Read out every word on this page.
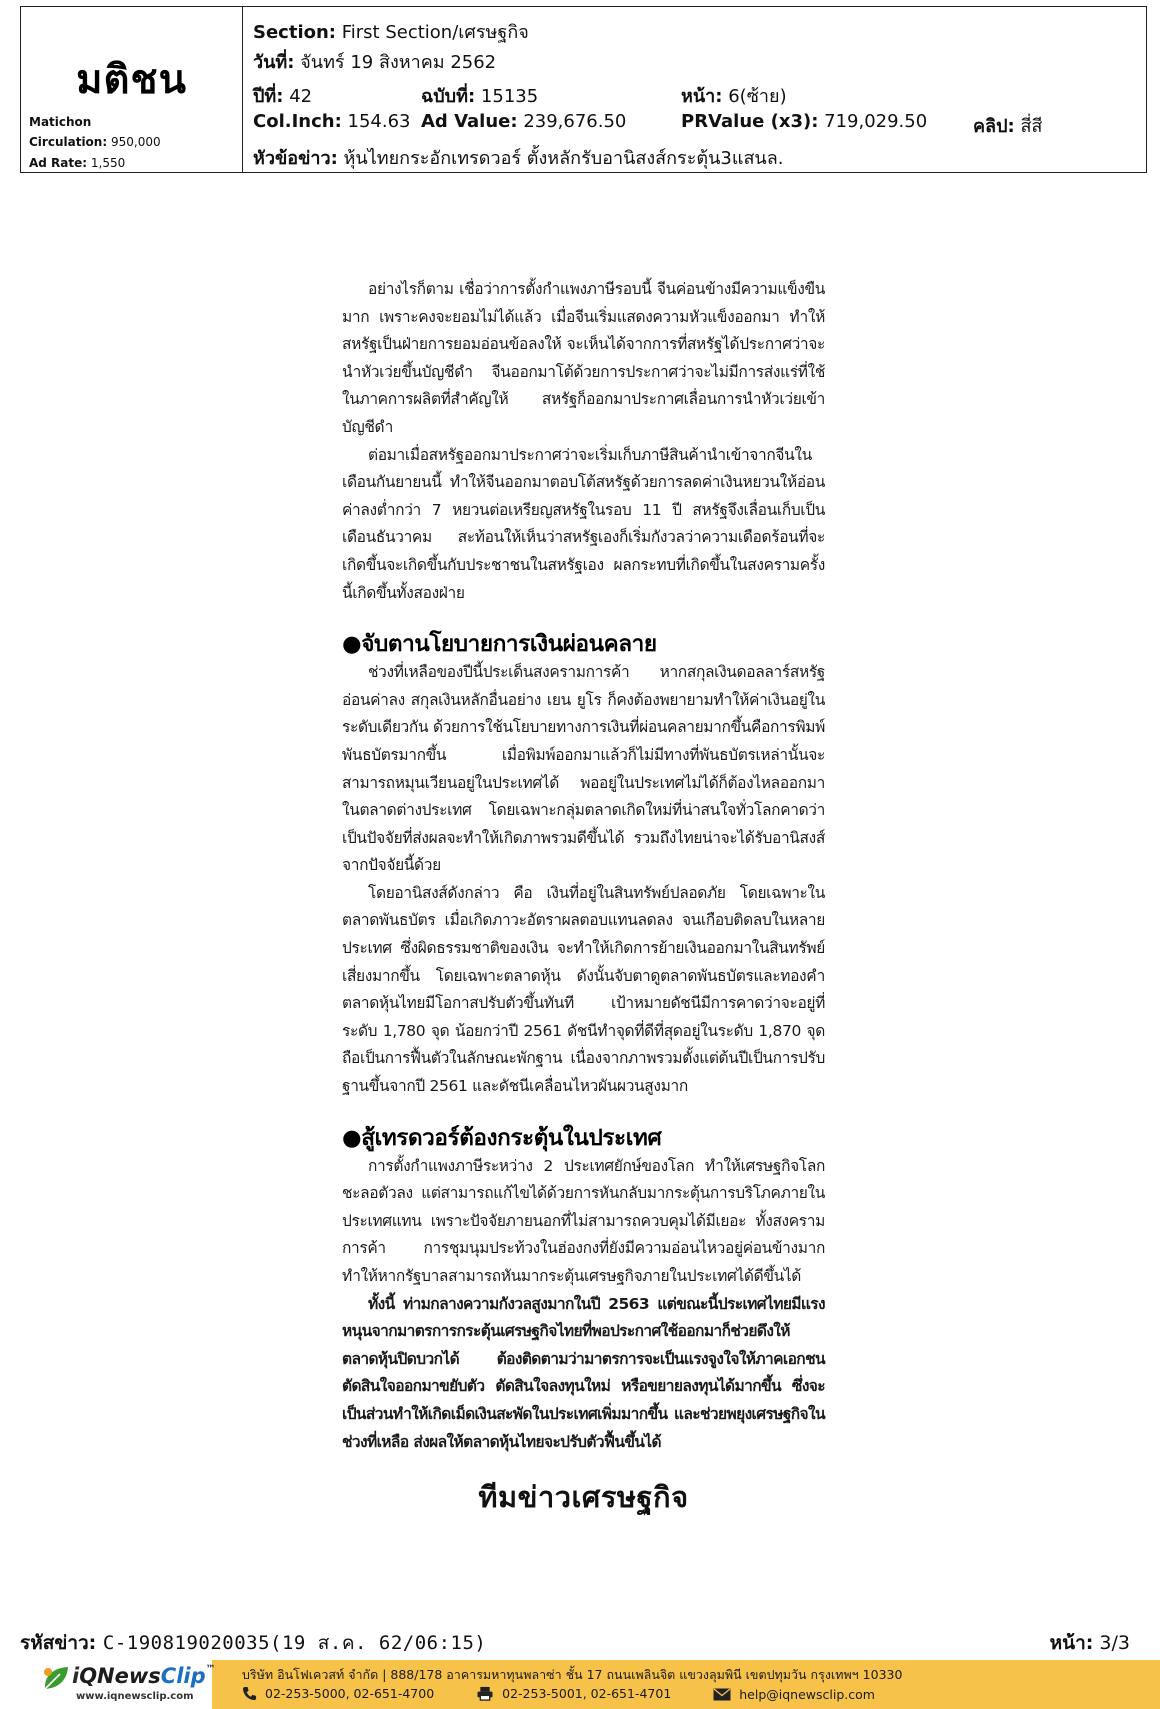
มติชน
Matichon
Circulation: 950,000
Ad Rate: 1,550
Section: First Section/เศรษฐกิจ
วันที่: จันทร์ 19 สิงหาคม 2562
ปีที่: 42	ฉบับที่: 15135	หน้า: 6(ซ้าย)
Col.Inch: 154.63 Ad Value: 239,676.50	PRValue (x3): 719,029.50	คลิป: สี่สี
หัวข้อข่าว: หุ้นไทยกระอักเทรดวอร์ ตั้งหลักรับอานิสงส์กระตุ้น3แสนล.

อย่างไรก็ตาม เชื่อว่าการตั้งกำแพงภาษีรอบนี้ จีนค่อนข้างมีความแข็งขืนมาก เพราะคงจะยอมไม่ได้แล้ว เมื่อจีนเริ่มแสดงความหัวแข็งออกมา ทำให้สหรัฐเป็นฝ่ายการยอมอ่อนข้อลงให้ จะเห็นได้จากการที่สหรัฐได้ประกาศว่าจะนำหัวเว่ยขึ้นบัญชีดำ จีนออกมาโต้ด้วยการประกาศว่าจะไม่มีการส่งแร่ที่ใช้ในภาคการผลิตที่สำคัญให้ สหรัฐก็ออกมาประกาศเลื่อนการนำหัวเว่ยเข้าบัญชีดำ

ต่อมาเมื่อสหรัฐออกมาประกาศว่าจะเริ่มเก็บภาษีสินค้านำเข้าจากจีนในเดือนกันยายนนี้ ทำให้จีนออกมาตอบโต้สหรัฐด้วยการลดค่าเงินหยวนให้อ่อนค่าลงต่ำกว่า 7 หยวนต่อเหรียญสหรัฐในรอบ 11 ปี สหรัฐจึงเลื่อนเก็บเป็นเดือนธันวาคม สะท้อนให้เห็นว่าสหรัฐเองก็เริ่มกังวลว่าความเดือดร้อนที่จะเกิดขึ้นจะเกิดขึ้นกับประชาชนในสหรัฐเอง ผลกระทบที่เกิดขึ้นในสงครามครั้งนี้เกิดขึ้นทั้งสองฝ่าย

●จับตานโยบายการเงินผ่อนคลาย

ช่วงที่เหลือของปีนี้ประเด็นสงครามการค้า หากสกุลเงินดอลลาร์สหรัฐอ่อนค่าลง สกุลเงินหลักอื่นอย่าง เยน ยูโร ก็คงต้องพยายามทำให้ค่าเงินอยู่ในระดับเดียวกัน ด้วยการใช้นโยบายทางการเงินที่ผ่อนคลายมากขึ้นคือการพิมพ์พันธบัตรมากขึ้น เมื่อพิมพ์ออกมาแล้วก็ไม่มีทางที่พันธบัตรเหล่านั้นจะสามารถหมุนเวียนอยู่ในประเทศได้ พออยู่ในประเทศไม่ได้ก็ต้องไหลออกมาในตลาดต่างประเทศ โดยเฉพาะกลุ่มตลาดเกิดใหม่ที่น่าสนใจทั่วโลกคาดว่าเป็นปัจจัยที่ส่งผลจะทำให้เกิดภาพรวมดีขึ้นได้ รวมถึงไทยน่าจะได้รับอานิสงส์จากปัจจัยนี้ด้วย

โดยอานิสงส์ดังกล่าว คือ เงินที่อยู่ในสินทรัพย์ปลอดภัย โดยเฉพาะในตลาดพันธบัตร เมื่อเกิดภาวะอัตราผลตอบแทนลดลง จนเกือบติดลบในหลายประเทศ ซึ่งผิดธรรมชาติของเงิน จะทำให้เกิดการย้ายเงินออกมาในสินทรัพย์เสี่ยงมากขึ้น โดยเฉพาะตลาดหุ้น ดังนั้นจับตาดูตลาดพันธบัตรและทองคำ ตลาดหุ้นไทยมีโอกาสปรับตัวขึ้นทันที เป้าหมายดัชนีมีการคาดว่าจะอยู่ที่ระดับ 1,780 จุด น้อยกว่าปี 2561 ดัชนีทำจุดที่ดีที่สุดอยู่ในระดับ 1,870 จุด ถือเป็นการฟื้นตัวในลักษณะพักฐาน เนื่องจากภาพรวมตั้งแต่ต้นปีเป็นการปรับฐานขึ้นจากปี 2561 และดัชนีเคลื่อนไหวผันผวนสูงมาก

●สู้เทรดวอร์ต้องกระตุ้นในประเทศ

การตั้งกำแพงภาษีระหว่าง 2 ประเทศยักษ์ของโลก ทำให้เศรษฐกิจโลกชะลอตัวลง แต่สามารถแก้ไขได้ด้วยการหันกลับมากระตุ้นการบริโภคภายในประเทศแทน เพราะปัจจัยภายนอกที่ไม่สามารถควบคุมได้มีเยอะ ทั้งสงครามการค้า การชุมนุมประท้วงในฮ่องกงที่ยังมีความอ่อนไหวอยู่ค่อนข้างมาก ทำให้หากรัฐบาลสามารถหันมากระตุ้นเศรษฐกิจภายในประเทศได้ดีขึ้นได้

ทั้งนี้ ท่ามกลางความกังวลสูงมากในปี 2563 แต่ขณะนี้ประเทศไทยมีแรงหนุนจากมาตรการกระตุ้นเศรษฐกิจไทยที่พอประกาศใช้ออกมาก็ช่วยดึงให้ตลาดหุ้นปิดบวกได้ ต้องติดตามว่ามาตรการจะเป็นแรงจูงใจให้ภาคเอกชนตัดสินใจออกมาขยับตัว ตัดสินใจลงทุนใหม่ หรือขยายลงทุนได้มากขึ้น ซึ่งจะเป็นส่วนทำให้เกิดเม็ดเงินสะพัดในประเทศเพิ่มมากขึ้น และช่วยพยุงเศรษฐกิจในช่วงที่เหลือ ส่งผลให้ตลาดหุ้นไทยจะปรับตัวฟื้นขึ้นได้

ทีมข่าวเศรษฐกิจ
รหัสข่าว: C-190819020035(19 ส.ค. 62/06:15)	หน้า: 3/3
iQNewsClip™
www.iqnewsclip.com
บริษัท อินโฟเควสท์ จำกัด | 888/178 อาคารมหาทุนพลาซ่า ชั้น 17 ถนนเพลินจิต แขวงลุมพินี เขตปทุมวัน กรุงเทพฯ 10330
02-253-5000, 02-651-4700
	02-253-5001, 02-651-4701
	help@iqnewsclip.com
